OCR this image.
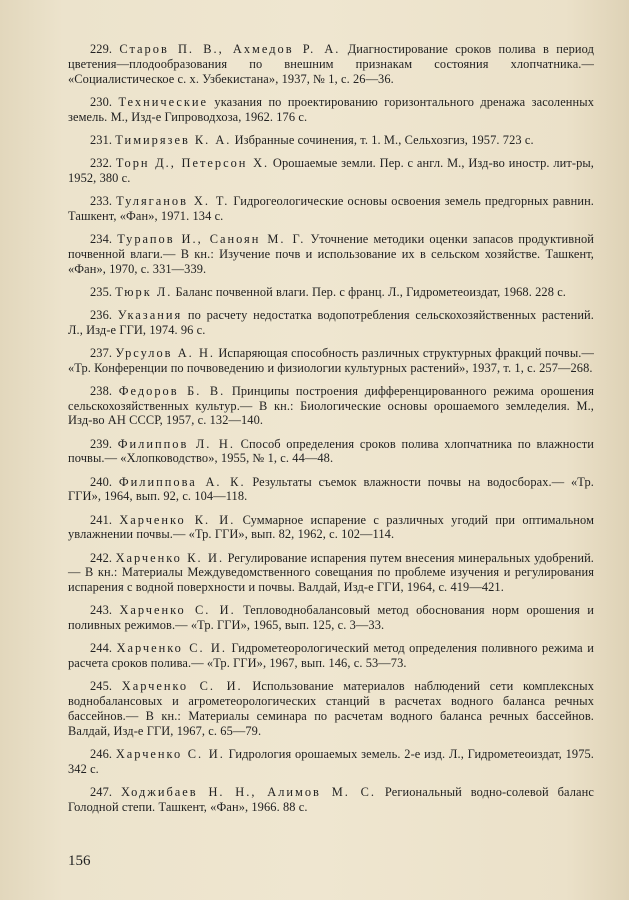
229. Старов П. В., Ахмедов Р. А. Диагностирование сроков полива в период цветения—плодообразования по внешним признакам состояния хлопчатника.— «Социалистическое с. х. Узбекистана», 1937, № 1, с. 26—36.

230. Технические указания по проектированию горизонтального дренажа засоленных земель. М., Изд-е Гипроводхоза, 1962. 176 с.

231. Тимирязев К. А. Избранные сочинения, т. 1. М., Сельхозгиз, 1957. 723 с.

232. Торн Д., Петерсон Х. Орошаемые земли. Пер. с англ. М., Изд-во иностр. лит-ры, 1952, 380 с.

233. Туляганов Х. Т. Гидрогеологические основы освоения земель предгорных равнин. Ташкент, «Фан», 1971. 134 с.

234. Турапов И., Саноян М. Г. Уточнение методики оценки запасов продуктивной почвенной влаги.— В кн.: Изучение почв и использование их в сельском хозяйстве. Ташкент, «Фан», 1970, с. 331—339.

235. Тюрк Л. Баланс почвенной влаги. Пер. с франц. Л., Гидрометеоиздат, 1968. 228 с.

236. Указания по расчету недостатка водопотребления сельскохозяйственных растений. Л., Изд-е ГГИ, 1974. 96 с.

237. Урсулов А. Н. Испаряющая способность различных структурных фракций почвы.— «Тр. Конференции по почвоведению и физиологии культурных растений», 1937, т. 1, с. 257—268.

238. Федоров Б. В. Принципы построения дифференцированного режима орошения сельскохозяйственных культур.— В кн.: Биологические основы орошаемого земледелия. М., Изд-во АН СССР, 1957, с. 132—140.

239. Филиппов Л. Н. Способ определения сроков полива хлопчатника по влажности почвы.— «Хлопководство», 1955, № 1, с. 44—48.

240. Филиппова А. К. Результаты съемок влажности почвы на водосборах.— «Тр. ГГИ», 1964, вып. 92, с. 104—118.

241. Харченко К. И. Суммарное испарение с различных угодий при оптимальном увлажнении почвы.— «Тр. ГГИ», вып. 82, 1962, с. 102—114.

242. Харченко К. И. Регулирование испарения путем внесения минеральных удобрений.— В кн.: Материалы Междуведомственного совещания по проблеме изучения и регулирования испарения с водной поверхности и почвы. Валдай, Изд-е ГГИ, 1964, с. 419—421.

243. Харченко С. И. Тепловоднобалансовый метод обоснования норм орошения и поливных режимов.— «Тр. ГГИ», 1965, вып. 125, с. 3—33.

244. Харченко С. И. Гидрометеорологический метод определения поливного режима и расчета сроков полива.— «Тр. ГГИ», 1967, вып. 146, с. 53—73.

245. Харченко С. И. Использование материалов наблюдений сети комплексных воднобалансовых и агрометеорологических станций в расчетах водного баланса речных бассейнов.— В кн.: Материалы семинара по расчетам водного баланса речных бассейнов. Валдай, Изд-е ГГИ, 1967, с. 65—79.

246. Харченко С. И. Гидрология орошаемых земель. 2-е изд. Л., Гидрометеоиздат, 1975. 342 с.

247. Ходжибаев Н. Н., Алимов М. С. Региональный водно-солевой баланс Голодной степи. Ташкент, «Фан», 1966. 88 с.

156
